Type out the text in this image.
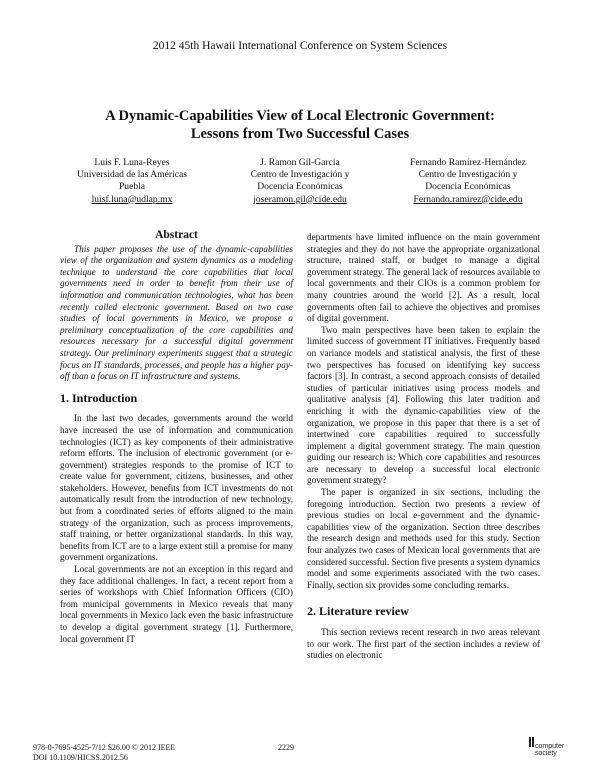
2012 45th Hawaii International Conference on System Sciences
A Dynamic-Capabilities View of Local Electronic Government:
Lessons from Two Successful Cases
Luis F. Luna-Reyes
Universidad de las Américas
Puebla
luisf.luna@udlap.mx
J. Ramon Gil-Garcia
Centro de Investigación y
Docencia Económicas
joseramon.gil@cide.edu
Fernando Ramírez-Hernández
Centro de Investigación y
Docencia Económicas
Fernando.ramirez@cide.edu
Abstract

This paper proposes the use of the dynamic-capabilities view of the organization and system dynamics as a modeling technique to understand the core capabilities that local governments need in order to benefit from their use of information and communication technologies, what has been recently called electronic government. Based on two case studies of local governments in Mexico, we propose a preliminary conceptualization of the core capabilities and resources necessary for a successful digital government strategy. Our preliminary experiments suggest that a strategic focus on IT standards, processes, and people has a higher pay-off than a focus on IT infrastructure and systems.

1. Introduction

In the last two decades, governments around the world have increased the use of information and communication technologies (ICT) as key components of their administrative reform efforts. The inclusion of electronic government (or e-government) strategies responds to the promise of ICT to create value for government, citizens, businesses, and other stakeholders. However, benefits from ICT investments do not automatically result from the introduction of new technology, but from a coordinated series of efforts aligned to the main strategy of the organization, such as process improvements, staff training, or better organizational standards. In this way, benefits from ICT are to a large extent still a promise for many government organizations.

Local governments are not an exception in this regard and they face additional challenges. In fact, a recent report from a series of workshops with Chief Information Officers (CIO) from municipal governments in Mexico reveals that many local governments in Mexico lack even the basic infrastructure to develop a digital government strategy [1]. Furthermore, local government IT

departments have limited influence on the main government strategies and they do not have the appropriate organizational structure, trained staff, or budget to manage a digital government strategy. The general lack of resources available to local governments and their CIOs is a common problem for many countries around the world [2]. As a result, local governments often fail to achieve the objectives and promises of digital government.

Two main perspectives have been taken to explain the limited success of government IT initiatives. Frequently based on variance models and statistical analysis, the first of these two perspectives has focused on identifying key success factors [3]. In contrast, a second approach consists of detailed studies of particular initiatives using process models and qualitative analysis [4]. Following this later tradition and enriching it with the dynamic-capabilities view of the organization, we propose in this paper that there is a set of intertwined core capabilities required to successfully implement a digital government strategy. The main question guiding our research is: Which core capabilities and resources are necessary to develop a successful local electronic government strategy?

The paper is organized in six sections, including the foregoing introduction. Section two presents a review of previous studies on local e-government and the dynamic-capabilities view of the organization. Section three describes the research design and methods used for this study. Section four analyzes two cases of Mexican local governments that are considered successful. Section five presents a system dynamics model and some experiments associated with the two cases. Finally, section six provides some concluding remarks.

2. Literature review

This section reviews recent research in two areas relevant to our work. The first part of the section includes a review of studies on electronic

978-0-7695-4525-7/12 $26.00 © 2012 IEEE
DOI 10.1109/HICSS.2012.56
2229	computer
society
